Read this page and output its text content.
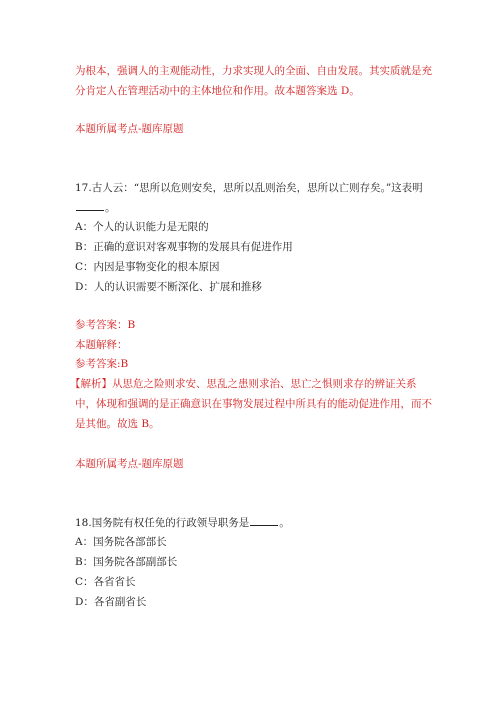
为根本，强调人的主观能动性，力求实现人的全面、自由发展。其实质就是充
分肯定人在管理活动中的主体地位和作用。故本题答案选 D。
本题所属考点-题库原题
17.古人云：“思所以危则安矣，思所以乱则治矣，思所以亡则存矣。”这表明
。
A：个人的认识能力是无限的
B：正确的意识对客观事物的发展具有促进作用
C：内因是事物变化的根本原因
D：人的认识需要不断深化、扩展和推移
参考答案：B
本题解释：
参考答案:B
【解析】从思危之险则求安、思乱之患则求治、思亡之惧则求存的辨证关系
中，体现和强调的是正确意识在事物发展过程中所具有的能动促进作用，而不
是其他。故选 B。
本题所属考点-题库原题
18.国务院有权任免的行政领导职务是	。
A：国务院各部部长
B：国务院各部副部长
C：各省省长
D：各省副省长
